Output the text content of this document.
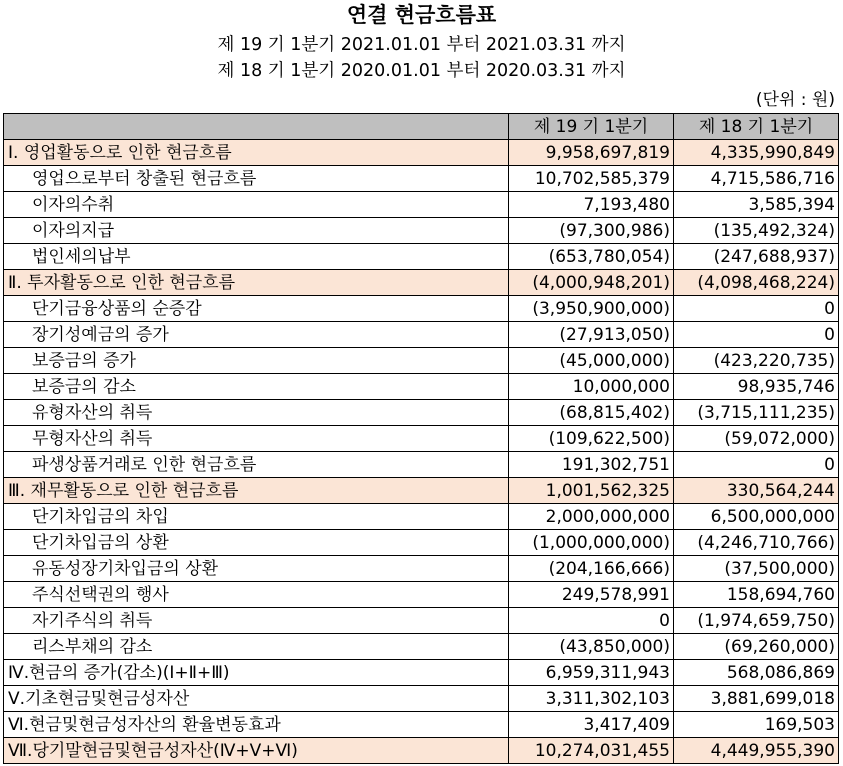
연결 현금흐름표
제 19 기 1분기 2021.01.01 부터 2021.03.31 까지
제 18 기 1분기 2020.01.01 부터 2020.03.31 까지
(단위 : 원)
	제 19 기 1분기	제 18 기 1분기
Ⅰ. 영업활동으로 인한 현금흐름	9,958,697,819	4,335,990,849
영업으로부터 창출된 현금흐름	10,702,585,379	4,715,586,716
이자의수취	7,193,480	3,585,394
이자의지급	(97,300,986)	(135,492,324)
법인세의납부	(653,780,054)	(247,688,937)
Ⅱ. 투자활동으로 인한 현금흐름	(4,000,948,201)	(4,098,468,224)
단기금융상품의 순증감	(3,950,900,000)	0
장기성예금의 증가	(27,913,050)	0
보증금의 증가	(45,000,000)	(423,220,735)
보증금의 감소	10,000,000	98,935,746
유형자산의 취득	(68,815,402)	(3,715,111,235)
무형자산의 취득	(109,622,500)	(59,072,000)
파생상품거래로 인한 현금흐름	191,302,751	0
Ⅲ. 재무활동으로 인한 현금흐름	1,001,562,325	330,564,244
단기차입금의 차입	2,000,000,000	6,500,000,000
단기차입금의 상환	(1,000,000,000)	(4,246,710,766)
유동성장기차입금의 상환	(204,166,666)	(37,500,000)
주식선택권의 행사	249,578,991	158,694,760
자기주식의 취득	0	(1,974,659,750)
리스부채의 감소	(43,850,000)	(69,260,000)
Ⅳ.현금의 증가(감소)(Ⅰ+Ⅱ+Ⅲ)	6,959,311,943	568,086,869
Ⅴ.기초현금및현금성자산	3,311,302,103	3,881,699,018
Ⅵ.현금및현금성자산의 환율변동효과	3,417,409	169,503
Ⅶ.당기말현금및현금성자산(Ⅳ+Ⅴ+Ⅵ)	10,274,031,455	4,449,955,390
